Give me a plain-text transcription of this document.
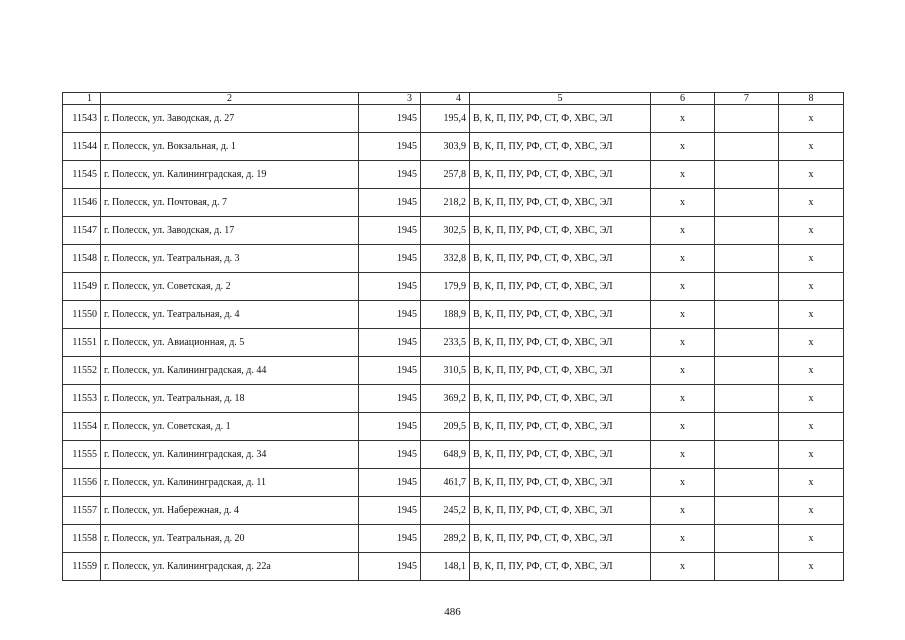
1	2	3	4	5	6	7	8
11543	г. Полесск, ул. Заводская, д. 27	1945	195,4	В, К, П, ПУ, РФ, СТ, Ф, ХВС, ЭЛ	х		х
11544	г. Полесск, ул. Вокзальная, д. 1	1945	303,9	В, К, П, ПУ, РФ, СТ, Ф, ХВС, ЭЛ	х		х
11545	г. Полесск, ул. Калининградская, д. 19	1945	257,8	В, К, П, ПУ, РФ, СТ, Ф, ХВС, ЭЛ	х		х
11546	г. Полесск, ул. Почтовая, д. 7	1945	218,2	В, К, П, ПУ, РФ, СТ, Ф, ХВС, ЭЛ	х		х
11547	г. Полесск, ул. Заводская, д. 17	1945	302,5	В, К, П, ПУ, РФ, СТ, Ф, ХВС, ЭЛ	х		х
11548	г. Полесск, ул. Театральная, д. 3	1945	332,8	В, К, П, ПУ, РФ, СТ, Ф, ХВС, ЭЛ	х		х
11549	г. Полесск, ул. Советская, д. 2	1945	179,9	В, К, П, ПУ, РФ, СТ, Ф, ХВС, ЭЛ	х		х
11550	г. Полесск, ул. Театральная, д. 4	1945	188,9	В, К, П, ПУ, РФ, СТ, Ф, ХВС, ЭЛ	х		х
11551	г. Полесск, ул. Авиационная, д. 5	1945	233,5	В, К, П, ПУ, РФ, СТ, Ф, ХВС, ЭЛ	х		х
11552	г. Полесск, ул. Калининградская, д. 44	1945	310,5	В, К, П, ПУ, РФ, СТ, Ф, ХВС, ЭЛ	х		х
11553	г. Полесск, ул. Театральная, д. 18	1945	369,2	В, К, П, ПУ, РФ, СТ, Ф, ХВС, ЭЛ	х		х
11554	г. Полесск, ул. Советская, д. 1	1945	209,5	В, К, П, ПУ, РФ, СТ, Ф, ХВС, ЭЛ	х		х
11555	г. Полесск, ул. Калининградская, д. 34	1945	648,9	В, К, П, ПУ, РФ, СТ, Ф, ХВС, ЭЛ	х		х
11556	г. Полесск, ул. Калининградская, д. 11	1945	461,7	В, К, П, ПУ, РФ, СТ, Ф, ХВС, ЭЛ	х		х
11557	г. Полесск, ул. Набережная, д. 4	1945	245,2	В, К, П, ПУ, РФ, СТ, Ф, ХВС, ЭЛ	х		х
11558	г. Полесск, ул. Театральная, д. 20	1945	289,2	В, К, П, ПУ, РФ, СТ, Ф, ХВС, ЭЛ	х		х
11559	г. Полесск, ул. Калининградская, д. 22а	1945	148,1	В, К, П, ПУ, РФ, СТ, Ф, ХВС, ЭЛ	х		х
486
